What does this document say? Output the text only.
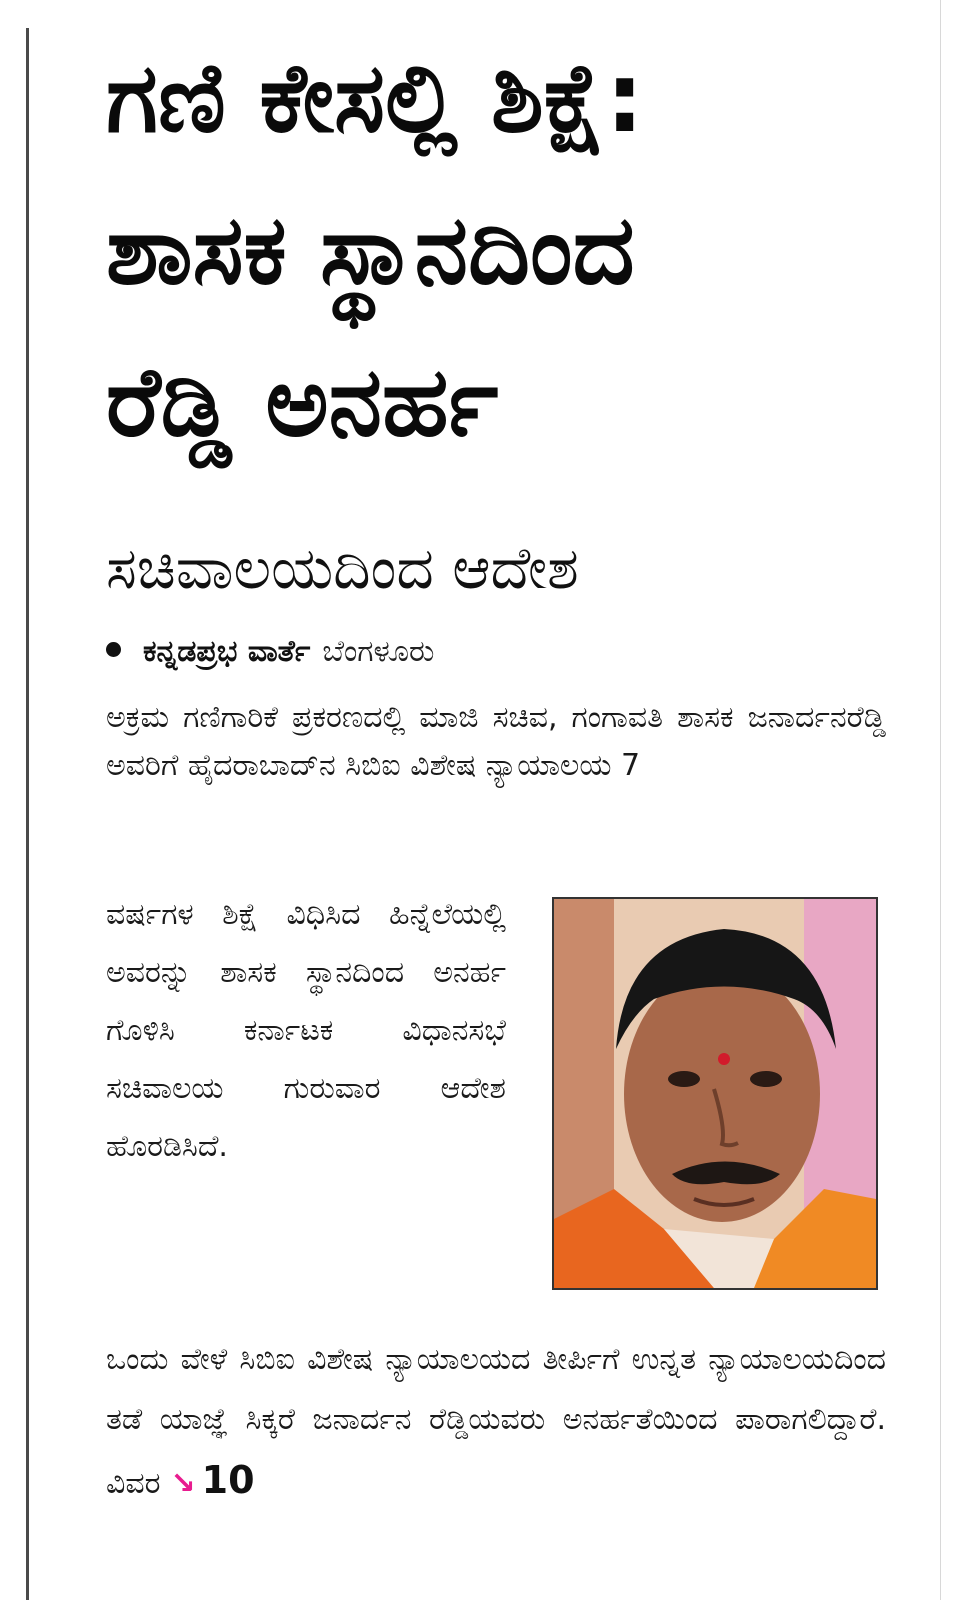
ಗಣಿ ಕೇಸಲ್ಲಿ ಶಿಕ್ಷೆ:
ಶಾಸಕ ಸ್ಥಾನದಿಂದ
ರೆಡ್ಡಿ ಅನರ್ಹ
ಸಚಿವಾಲಯದಿಂದ ಆದೇಶ
ಕನ್ನಡಪ್ರಭ ವಾರ್ತೆ ಬೆಂಗಳೂರು

ಅಕ್ರಮ ಗಣಿಗಾರಿಕೆ ಪ್ರಕರಣದಲ್ಲಿ ಮಾಜಿ ಸಚಿವ, ಗಂಗಾವತಿ ಶಾಸಕ ಜನಾರ್ದನರೆಡ್ಡಿ ಅವರಿಗೆ ಹೈದರಾಬಾದ್‌ನ ಸಿಬಿಐ ವಿಶೇಷ ನ್ಯಾಯಾಲಯ 7

ವರ್ಷಗಳ ಶಿಕ್ಷೆ ವಿಧಿಸಿದ ಹಿನ್ನೆಲೆಯಲ್ಲಿ ಅವರನ್ನು ಶಾಸಕ ಸ್ಥಾನದಿಂದ ಅನರ್ಹ ಗೊಳಿಸಿ ಕರ್ನಾಟಕ ವಿಧಾನಸಭೆ ಸಚಿವಾಲಯ ಗುರುವಾರ ಆದೇಶ ಹೊರಡಿಸಿದೆ.

ಒಂದು ವೇಳೆ ಸಿಬಿಐ ವಿಶೇಷ ನ್ಯಾಯಾಲಯದ ತೀರ್ಪಿಗೆ ಉನ್ನತ ನ್ಯಾಯಾಲಯದಿಂದ ತಡೆ ಯಾಜ್ಞೆ ಸಿಕ್ಕರೆ ಜನಾರ್ದನ ರೆಡ್ಡಿಯವರು ಅನರ್ಹತೆಯಿಂದ ಪಾರಾಗಲಿದ್ದಾರೆ. ವಿವರ ↘ 10
